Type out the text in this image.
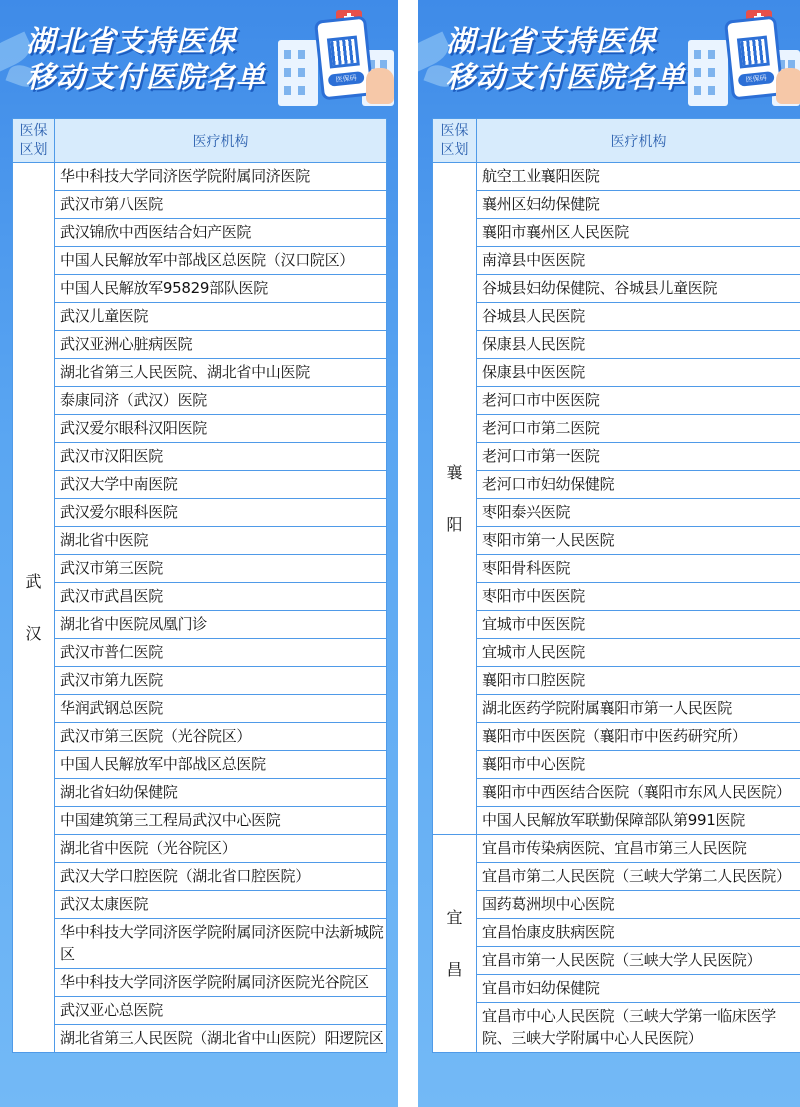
湖北省支持医保
移动支付医院名单	医保码
医保
区划	医疗机构

武
汉	华中科技大学同济医学院附属同济医院
	武汉市第八医院
	武汉锦欣中西医结合妇产医院
	中国人民解放军中部战区总医院（汉口院区）
	中国人民解放军95829部队医院
	武汉儿童医院
	武汉亚洲心脏病医院
	湖北省第三人民医院、湖北省中山医院
	泰康同济（武汉）医院
	武汉爱尔眼科汉阳医院
	武汉市汉阳医院
	武汉大学中南医院
	武汉爱尔眼科医院
	湖北省中医院
	武汉市第三医院
	武汉市武昌医院
	湖北省中医院凤凰门诊
	武汉市普仁医院
	武汉市第九医院
	华润武钢总医院
	武汉市第三医院（光谷院区）
	中国人民解放军中部战区总医院
	湖北省妇幼保健院
	中国建筑第三工程局武汉中心医院
	湖北省中医院（光谷院区）
	武汉大学口腔医院（湖北省口腔医院）
	武汉太康医院
	华中科技大学同济医学院附属同济医院中法新城院区
	华中科技大学同济医学院附属同济医院光谷院区
	武汉亚心总医院
	湖北省第三人民医院（湖北省中山医院）阳逻院区
湖北省支持医保
移动支付医院名单	医保码
医保
区划	医疗机构

襄
阳	航空工业襄阳医院
	襄州区妇幼保健院
	襄阳市襄州区人民医院
	南漳县中医医院
	谷城县妇幼保健院、谷城县儿童医院
	谷城县人民医院
	保康县人民医院
	保康县中医医院
	老河口市中医医院
	老河口市第二医院
	老河口市第一医院
	老河口市妇幼保健院
	枣阳泰兴医院
	枣阳市第一人民医院
	枣阳骨科医院
	枣阳市中医医院
	宜城市中医医院
	宜城市人民医院
	襄阳市口腔医院
	湖北医药学院附属襄阳市第一人民医院
	襄阳市中医医院（襄阳市中医药研究所）
	襄阳市中心医院
	襄阳市中西医结合医院（襄阳市东风人民医院）
	中国人民解放军联勤保障部队第991医院

宜
昌	宜昌市传染病医院、宜昌市第三人民医院
	宜昌市第二人民医院（三峡大学第二人民医院）
	国药葛洲坝中心医院
	宜昌怡康皮肤病医院
	宜昌市第一人民医院（三峡大学人民医院）
	宜昌市妇幼保健院
	宜昌市中心人民医院（三峡大学第一临床医学院、三峡大学附属中心人民医院）
